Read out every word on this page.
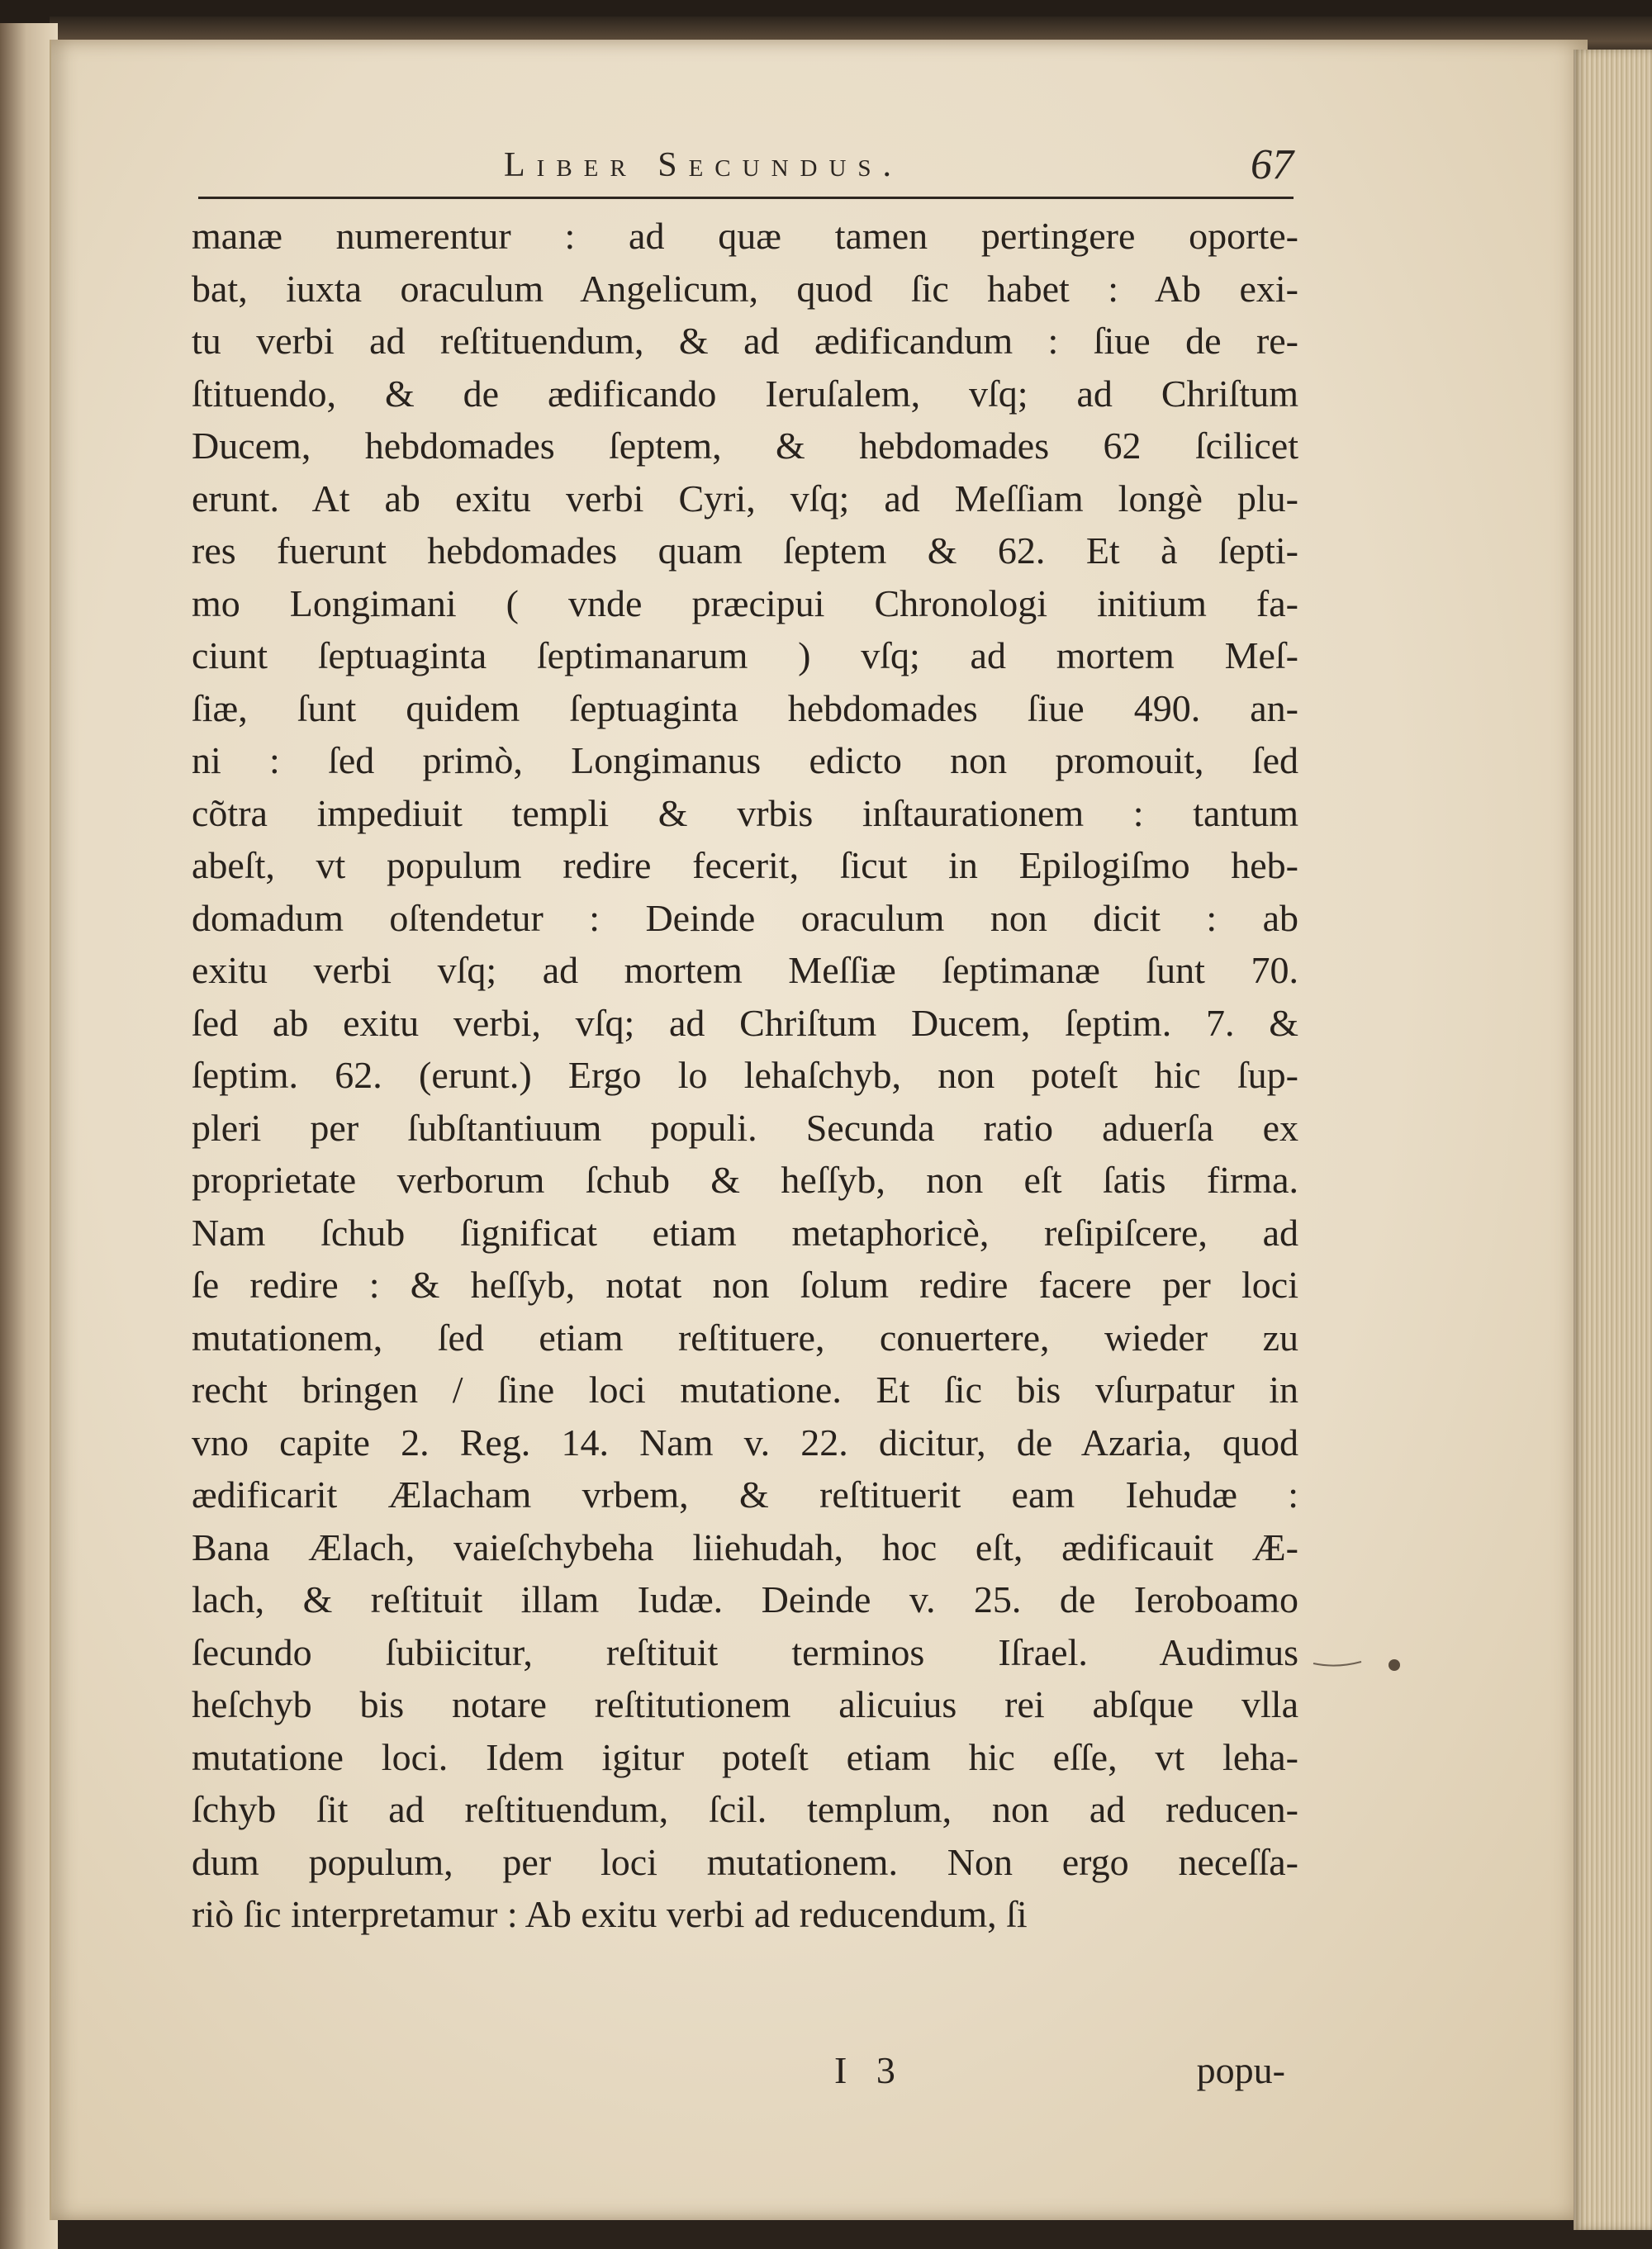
Liber Secundus.	67
manæ numerentur : ad quæ tamen pertingere oporte-
bat, iuxta oraculum Angelicum, quod ſic habet : Ab exi-
tu verbi ad reſtituendum, & ad ædificandum : ſiue de re-
ſtituendo, & de ædificando Ieruſalem, vſq; ad Chriſtum
Ducem, hebdomades ſeptem, & hebdomades 62 ſcilicet
erunt. At ab exitu verbi Cyri, vſq; ad Meſſiam longè plu-
res fuerunt hebdomades quam ſeptem & 62. Et à ſepti-
mo Longimani ( vnde præcipui Chronologi initium fa-
ciunt ſeptuaginta ſeptimanarum ) vſq; ad mortem Meſ-
ſiæ, ſunt quidem ſeptuaginta hebdomades ſiue 490. an-
ni : ſed primò, Longimanus edicto non promouit, ſed
cõtra impediuit templi & vrbis inſtaurationem : tantum
abeſt, vt populum redire fecerit, ſicut in Epilogiſmo heb-
domadum oſtendetur : Deinde oraculum non dicit : ab
exitu verbi vſq; ad mortem Meſſiæ ſeptimanæ ſunt 70.
ſed ab exitu verbi, vſq; ad Chriſtum Ducem, ſeptim. 7. &
ſeptim. 62. (erunt.) Ergo lo lehaſchyb, non poteſt hic ſup-
pleri per ſubſtantiuum populi. Secunda ratio aduerſa ex
proprietate verborum ſchub & heſſyb, non eſt ſatis firma.
Nam ſchub ſignificat etiam metaphoricè, reſipiſcere, ad
ſe redire : & heſſyb, notat non ſolum redire facere per loci
mutationem, ſed etiam reſtituere, conuertere, wieder zu
recht bringen / ſine loci mutatione. Et ſic bis vſurpatur in
vno capite 2. Reg. 14. Nam v. 22. dicitur, de Azaria, quod
ædificarit Ælacham vrbem, & reſtituerit eam Iehudæ :
Bana Ælach, vaieſchybeha liiehudah, hoc eſt, ædificauit Æ-
lach, & reſtituit illam Iudæ. Deinde v. 25. de Ieroboamo
ſecundo ſubiicitur, reſtituit terminos Iſrael. Audimus
heſchyb bis notare reſtitutionem alicuius rei abſque vlla
mutatione loci. Idem igitur poteſt etiam hic eſſe, vt leha-
ſchyb ſit ad reſtituendum, ſcil. templum, non ad reducen-
dum populum, per loci mutationem. Non ergo neceſſa-
riò ſic interpretamur : Ab exitu verbi ad reducendum, ſi
I 3	popu-
